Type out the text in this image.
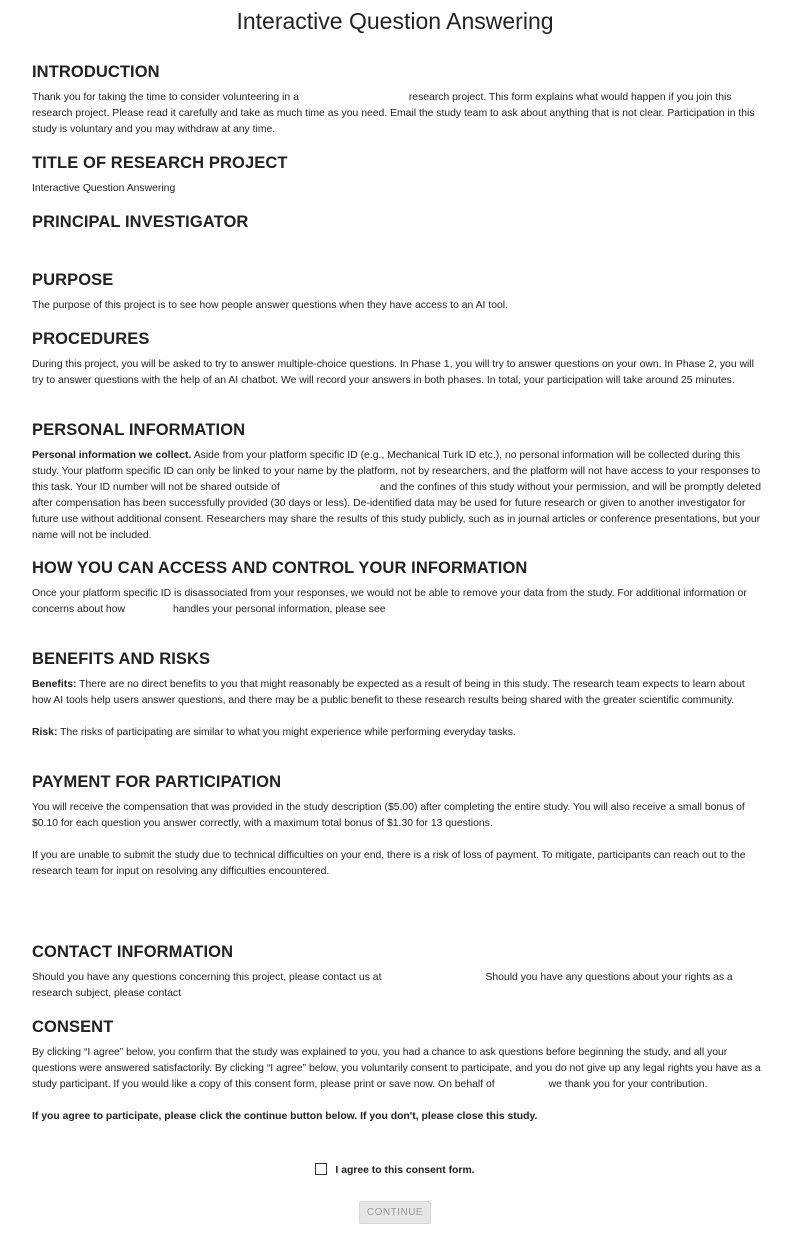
Interactive Question Answering
INTRODUCTION

Thank you for taking the time to consider volunteering in a	research project. This form explains what would happen if you join this research project. Please read it carefully and take as much time as you need. Email the study team to ask about anything that is not clear. Participation in this study is voluntary and you may withdraw at any time.

TITLE OF RESEARCH PROJECT

Interactive Question Answering

PRINCIPAL INVESTIGATOR
PURPOSE

The purpose of this project is to see how people answer questions when they have access to an AI tool.

PROCEDURES

During this project, you will be asked to try to answer multiple-choice questions. In Phase 1, you will try to answer questions on your own. In Phase 2, you will try to answer questions with the help of an AI chatbot. We will record your answers in both phases. In total, your participation will take around 25 minutes.

PERSONAL INFORMATION

Personal information we collect. Aside from your platform specific ID (e.g., Mechanical Turk ID etc.), no personal information will be collected during this study. Your platform specific ID can only be linked to your name by the platform, not by researchers, and the platform will not have access to your responses to this task. Your ID number will not be shared outside of	and the confines of this study without your permission, and will be promptly deleted after compensation has been successfully provided (30 days or less). De-identified data may be used for future research or given to another investigator for future use without additional consent. Researchers may share the results of this study publicly, such as in journal articles or conference presentations, but your name will not be included.

HOW YOU CAN ACCESS AND CONTROL YOUR INFORMATION

Once your platform specific ID is disassociated from your responses, we would not be able to remove your data from the study. For additional information or concerns about how	handles your personal information, please see

BENEFITS AND RISKS

Benefits: There are no direct benefits to you that might reasonably be expected as a result of being in this study. The research team expects to learn about how AI tools help users answer questions, and there may be a public benefit to these research results being shared with the greater scientific community.

Risk: The risks of participating are similar to what you might experience while performing everyday tasks.

PAYMENT FOR PARTICIPATION

You will receive the compensation that was provided in the study description ($5.00) after completing the entire study. You will also receive a small bonus of $0.10 for each question you answer correctly, with a maximum total bonus of $1.30 for 13 questions.

If you are unable to submit the study due to technical difficulties on your end, there is a risk of loss of payment. To mitigate, participants can reach out to the research team for input on resolving any difficulties encountered.

CONTACT INFORMATION

Should you have any questions concerning this project, please contact us at	Should you have any questions about your rights as a research subject, please contact

CONSENT

By clicking “I agree” below, you confirm that the study was explained to you, you had a chance to ask questions before beginning the study, and all your questions were answered satisfactorily. By clicking “I agree” below, you voluntarily consent to participate, and you do not give up any legal rights you have as a study participant. If you would like a copy of this consent form, please print or save now. On behalf of	we thank you for your contribution.

If you agree to participate, please click the continue button below. If you don't, please close this study.

I agree to this consent form.
CONTINUE
